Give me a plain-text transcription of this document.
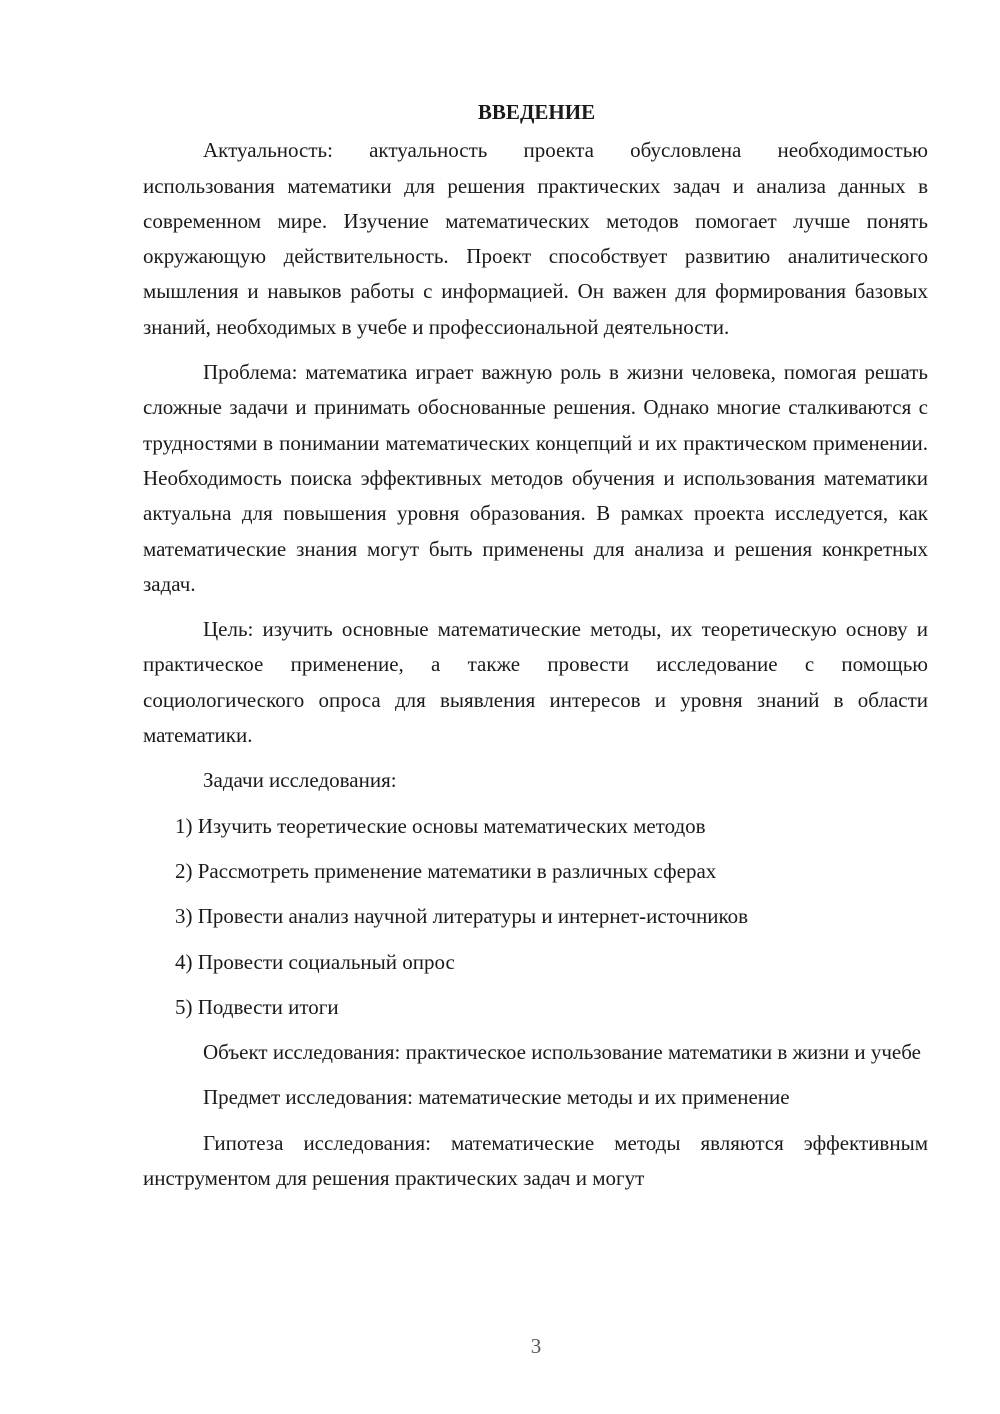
ВВЕДЕНИЕ

Актуальность: актуальность проекта обусловлена необходимостью использования математики для решения практических задач и анализа данных в современном мире. Изучение математических методов помогает лучше понять окружающую действительность. Проект способствует развитию аналитического мышления и навыков работы с информацией. Он важен для формирования базовых знаний, необходимых в учебе и профессиональной деятельности.

Проблема: математика играет важную роль в жизни человека, помогая решать сложные задачи и принимать обоснованные решения. Однако многие сталкиваются с трудностями в понимании математических концепций и их практическом применении. Необходимость поиска эффективных методов обучения и использования математики актуальна для повышения уровня образования. В рамках проекта исследуется, как математические знания могут быть применены для анализа и решения конкретных задач.

Цель: изучить основные математические методы, их теоретическую основу и практическое применение, а также провести исследование с помощью социологического опроса для выявления интересов и уровня знаний в области математики.

Задачи исследования:

1) Изучить теоретические основы математических методов
2) Рассмотреть применение математики в различных сферах
3) Провести анализ научной литературы и интернет-источников
4) Провести социальный опрос
5) Подвести итоги

Объект исследования: практическое использование математики в жизни и учебе

Предмет исследования: математические методы и их применение

Гипотеза исследования: математические методы являются эффективным инструментом для решения практических задач и могут

3
